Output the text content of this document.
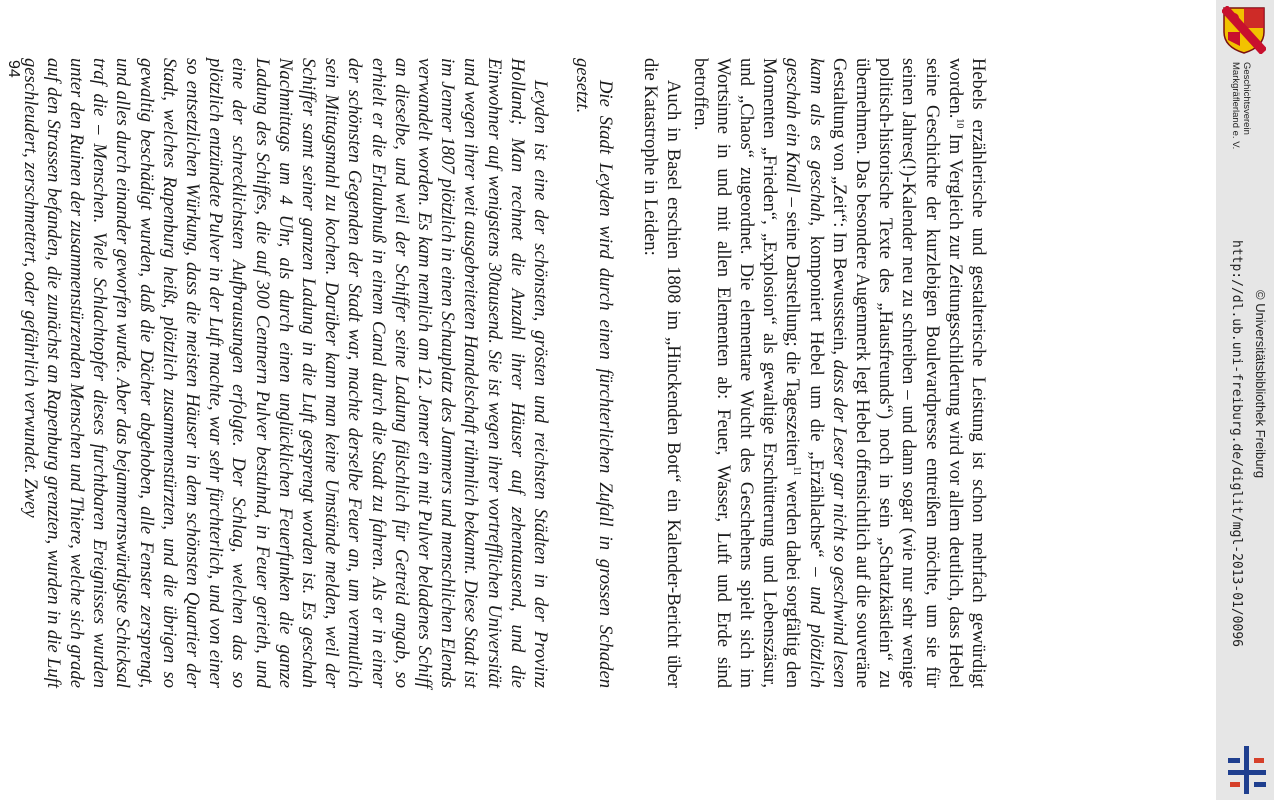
Hebels erzählerische und gestalterische Leistung ist schon mehrfach gewürdigt worden.$^{10}$ Im Vergleich zur Zeitungsschilderung wird vor allem deutlich, dass Hebel seine Geschichte der kurzlebigen Boulevardpresse entreißen möchte, um sie für seinen Jahres(!)-Kalender neu zu schreiben – und dann sogar (wie nur sehr wenige politisch-historische Texte des „Hausfreunds“) noch in sein „Schatzkästlein“ zu übernehmen. Das besondere Augenmerk legt Hebel offensichtlich auf die souveräne Gestaltung von „Zeit“: Im Bewusstsein, dass der Leser gar nicht so geschwind lesen kann als es geschah, komponiert Hebel um die „Erzählachse“ – und plötzlich geschah ein Knall – seine Darstellung; die Tageszeiten$^{11}$ werden dabei sorgfältig den Momenten „Frieden“, „Explosion“ als gewaltige Erschütterung und Lebenszäsur, und „Chaos“ zugeordnet. Die elementare Wucht des Geschehens spielt sich im Wortsinne in und mit allen Elementen ab: Feuer, Wasser, Luft und Erde sind betroffen.

Auch in Basel erschien 1808 im „Hinckenden Bott“ ein Kalender-Bericht über die Katastrophe in Leiden:

Die Stadt Leyden wird durch einen fürchterlichen Zufall in grossen Schaden gesetzt.

Leyden ist eine der schönsten, grösten und reichsten Städten in der Provinz Holland; Man rechnet die Anzahl ihrer Häuser auf zehentausend, und die Einwohner auf wenigstens 30tausend. Sie ist wegen ihrer vortrefflichen Universität und wegen ihrer weit ausgebreiteten Handelschaft rühmlich bekannt. Diese Stadt ist im Jenner 1807 plötzlich in einen Schauplatz des Jammers und menschlichen Elends verwandelt worden. Es kam nemlich am 12. Jenner ein mit Pulver beladenes Schiff an dieselbe, und weil der Schiffer seine Ladung fälschlich für Getreid angab, so erhielt er die Erlaubnuß in einem Canal durch die Stadt zu fahren. Als er in einer der schönsten Gegenden der Stadt war, machte derselbe Feuer an, um vermutlich sein Mittagsmahl zu kochen. Darüber kann man keine Umstände melden, weil der Schiffer samt seiner ganzen Ladung in die Luft gesprengt worden ist. Es geschah Nachmittags um 4 Uhr, als durch einen unglücklichen Feuerfunken die ganze Ladung des Schiffes, die auf 300 Centnern Pulver bestuhnd, in Feuer gerieth, und eine der schrecklichsten Aufbrausungen erfolgte. Der Schlag, welchen das so plötzlich entzündete Pulver in der Luft machte, war sehr fürchterlich, und von einer so entsetzlichen Würkung, dass die meisten Häuser in dem schönsten Quartier der Stadt, welches Rapenburg heißt, plötzlich zusammenstürzten, und die übrigen so gewaltig beschädigt wurden, daß die Dächer abgehoben, alle Fenster zersprengt, und alles durch einander geworfen wurde. Aber das bejammernswürdigste Schicksal traf die – Menschen. Viele Schlachtopfer dieses furchtbaren Ereignisses wurden unter den Ruinen der zusammenstürzenden Menschen und Thiere, welche sich grade auf den Strassen befanden, die zunächst an Rapenburg grenzten, wurden in die Luft geschleudert, zerschmettert, oder gefährlich verwundet. Zwey

94	Geschichtsverein
Markgräflerland e. V.
http://dl.ub.uni-freiburg.de/diglit/mgl-2013-01/0096 © Universitätsbibliothek Freiburg
